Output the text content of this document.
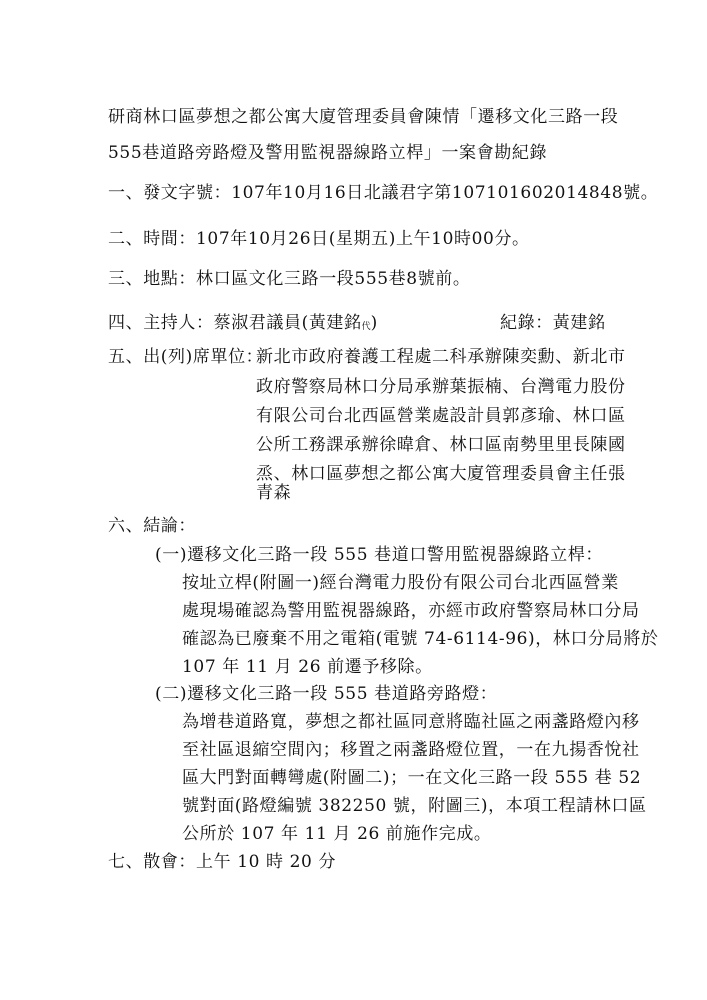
研商林口區夢想之都公寓大廈管理委員會陳情「遷移文化三路一段
555巷道路旁路燈及警用監視器線路立桿」一案會勘紀錄
一、發文字號：107年10月16日北議君字第107101602014848號。
二、時間：107年10月26日(星期五)上午10時00分。
三、地點：林口區文化三路一段555巷8號前。
四、主持人：蔡淑君議員(黃建銘代)	紀錄：黃建銘
五、出(列)席單位：
新北市政府養護工程處二科承辦陳奕勳、新北市
政府警察局林口分局承辦葉振楠、台灣電力股份
有限公司台北西區營業處設計員郭彥瑜、林口區
公所工務課承辦徐暐倉、林口區南勢里里長陳國
烝、林口區夢想之都公寓大廈管理委員會主任張
青森
六、結論：
(一)遷移文化三路一段 555 巷道口警用監視器線路立桿：
按址立桿(附圖一)經台灣電力股份有限公司台北西區營業
處現場確認為警用監視器線路，亦經市政府警察局林口分局
確認為已廢棄不用之電箱(電號 74-6114-96)，林口分局將於
107 年 11 月 26 前遷予移除。
(二)遷移文化三路一段 555 巷道路旁路燈：
為增巷道路寬，夢想之都社區同意將臨社區之兩盞路燈內移
至社區退縮空間內；移置之兩盞路燈位置，一在九揚香悅社
區大門對面轉彎處(附圖二)；一在文化三路一段 555 巷 52
號對面(路燈編號 382250 號，附圖三)，本項工程請林口區
公所於 107 年 11 月 26 前施作完成。
七、散會：上午 10 時 20 分
